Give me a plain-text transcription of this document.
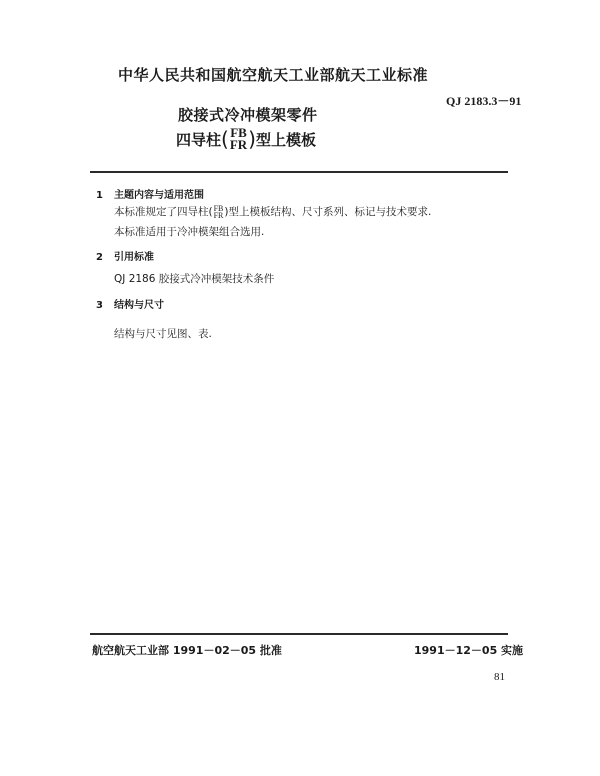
中华人民共和国航空航天工业部航天工业标准
QJ 2183.3－91
胶接式冷冲模架零件
四导柱 ( FB
FR ) 型上模板
1 主题内容与适用范围
本标准规定了四导柱( FB
FR )型上模板结构、尺寸系列、标记与技术要求.
本标准适用于冷冲模架组合选用.
2 引用标准
QJ 2186 胶接式冷冲模架技术条件
3 结构与尺寸
结构与尺寸见图、表.
航空航天工业部 1991－02－05 批准	1991－12－05 实施
81
